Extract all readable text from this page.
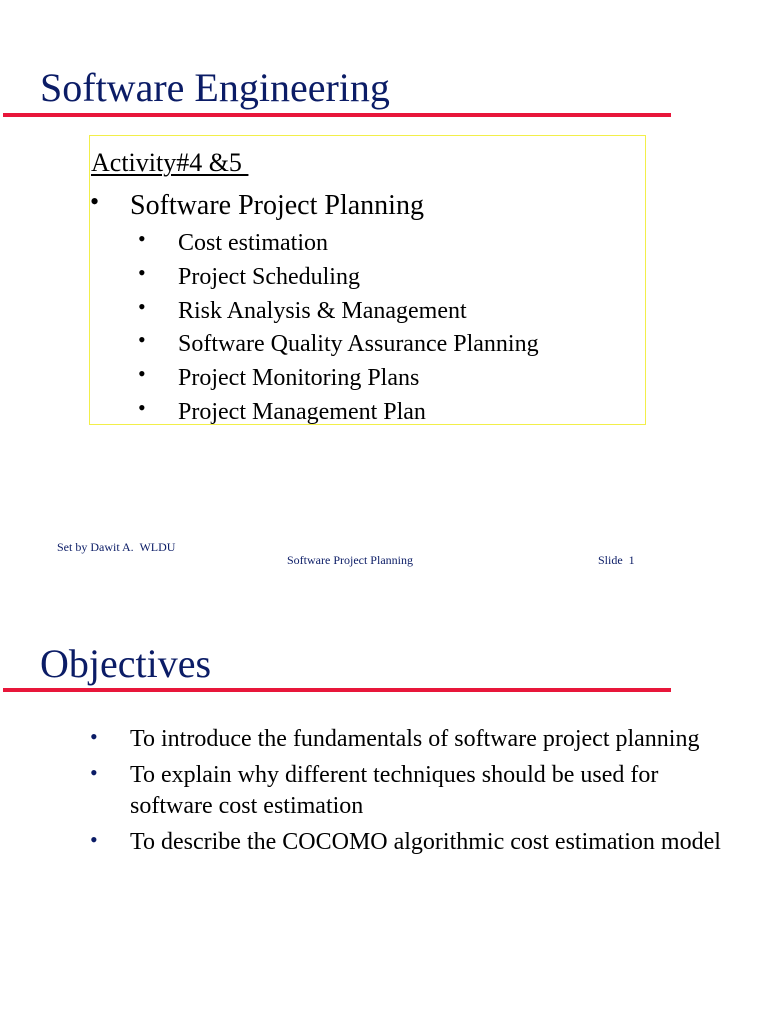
Software Engineering

Activity#4 &5

• Software Project Planning
• Cost estimation
• Project Scheduling
• Risk Analysis & Management
• Software Quality Assurance Planning
• Project Monitoring Plans
• Project Management Plan
Set by Dawit A.  WLDU
Software Project Planning	Slide  1
Objectives
• To introduce the fundamentals of software project planning
• To explain why different techniques should be used for software cost estimation
• To describe the COCOMO algorithmic cost estimation model
